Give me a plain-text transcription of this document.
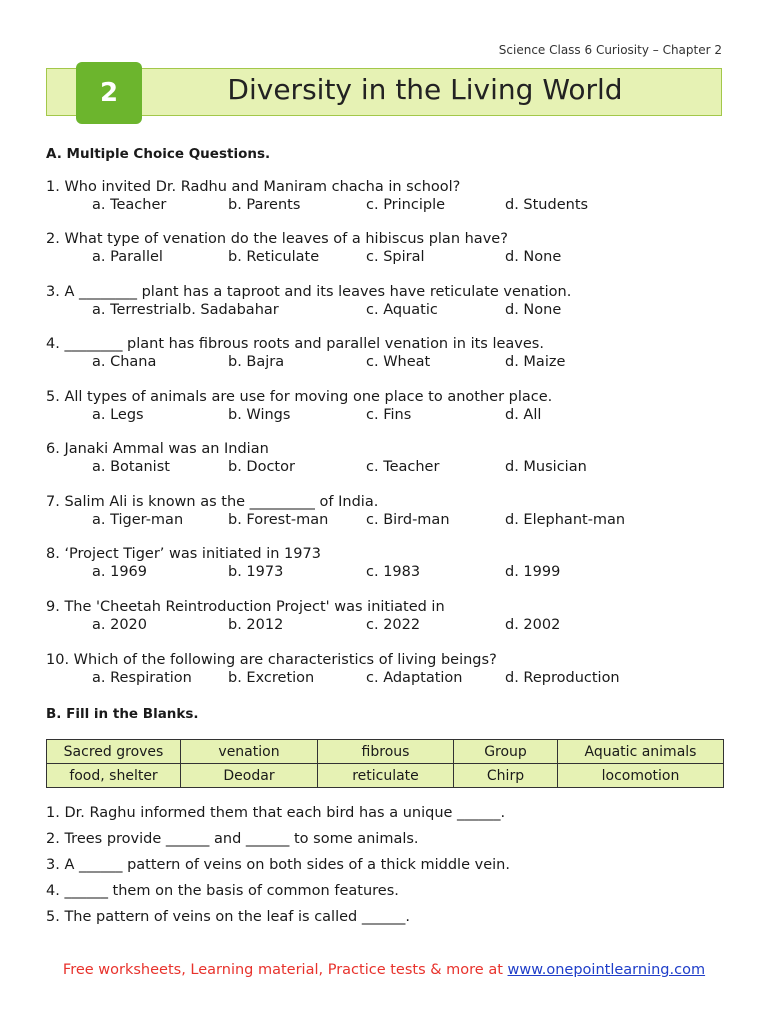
Science Class 6 Curiosity – Chapter 2
2	Diversity in the Living World
A. Multiple Choice Questions.
1. Who invited Dr. Radhu and Maniram chacha in school?
a. Teacher	b. Parents	c. Principle	d. Students
2. What type of venation do the leaves of a hibiscus plan have?
a. Parallel	b. Reticulate	c. Spiral	d. None
3. A ________ plant has a taproot and its leaves have reticulate venation.
a. Terrestrial b. Sadabahar	c. Aquatic	d. None
4. ________ plant has fibrous roots and parallel venation in its leaves.
a. Chana	b. Bajra	c. Wheat	d. Maize
5. All types of animals are use for moving one place to another place.
a. Legs	b. Wings	c. Fins	d. All
6. Janaki Ammal was an Indian
a. Botanist	b. Doctor	c. Teacher	d. Musician
7. Salim Ali is known as the _________ of India.
a. Tiger-man	b. Forest-man	c. Bird-man	d. Elephant-man
8. ‘Project Tiger’ was initiated in 1973
a. 1969	b. 1973	c. 1983	d. 1999
9. The 'Cheetah Reintroduction Project' was initiated in
a. 2020	b. 2012	c. 2022	d. 2002
10. Which of the following are characteristics of living beings?
a. Respiration b. Excretion	c. Adaptation	d. Reproduction
B. Fill in the Blanks.
Sacred groves	venation	fibrous	Group	Aquatic animals
food, shelter	Deodar	reticulate	Chirp	locomotion
1. Dr. Raghu informed them that each bird has a unique ______.
2. Trees provide ______ and ______ to some animals.
3. A ______ pattern of veins on both sides of a thick middle vein.
4. ______ them on the basis of common features.
5. The pattern of veins on the leaf is called ______.
Free worksheets, Learning material, Practice tests & more at www.onepointlearning.com
